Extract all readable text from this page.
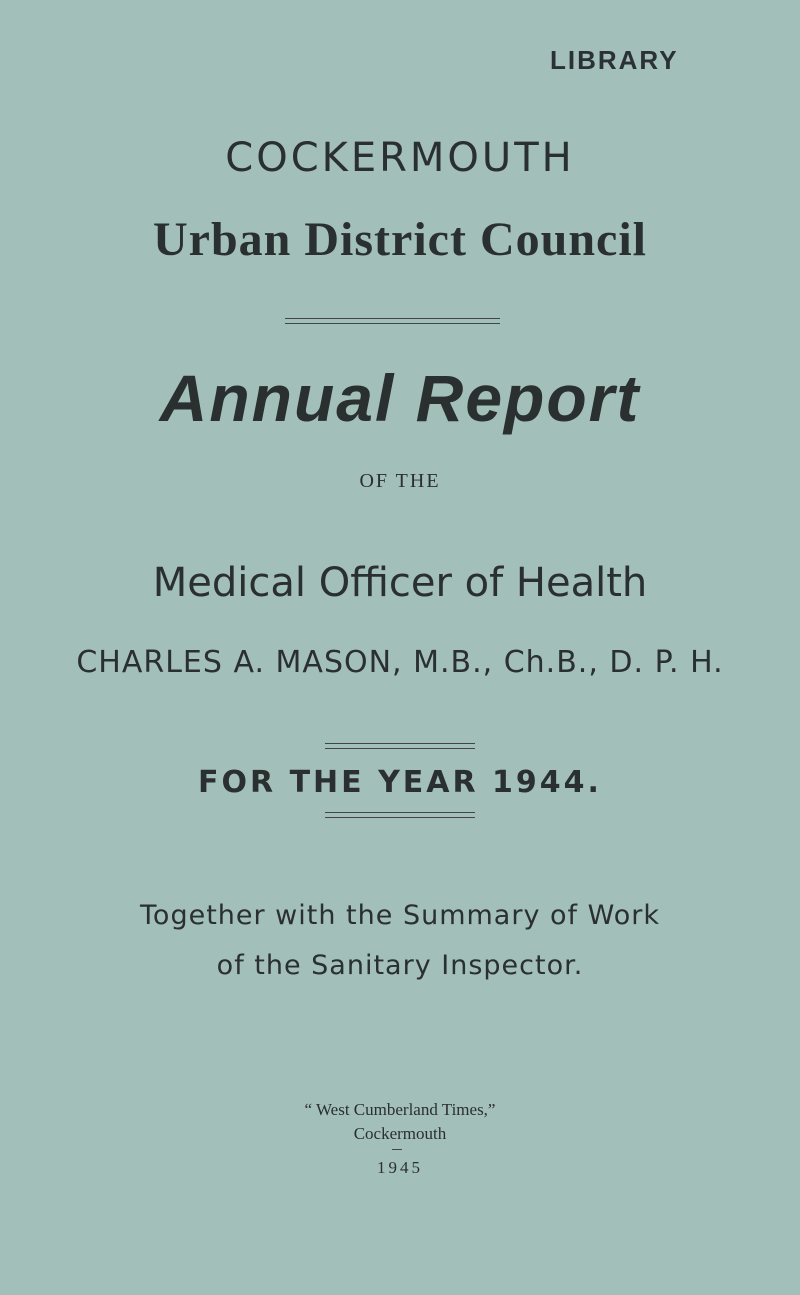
LIBRARY
COCKERMOUTH
Urban District Council
Annual Report
OF THE
Medical Officer of Health
CHARLES A. MASON, M.B., Ch.B., D. P. H.
FOR THE YEAR 1944.
Together with the Summary of Work
of the Sanitary Inspector.
“ West Cumberland Times,”
Cockermouth
1945
